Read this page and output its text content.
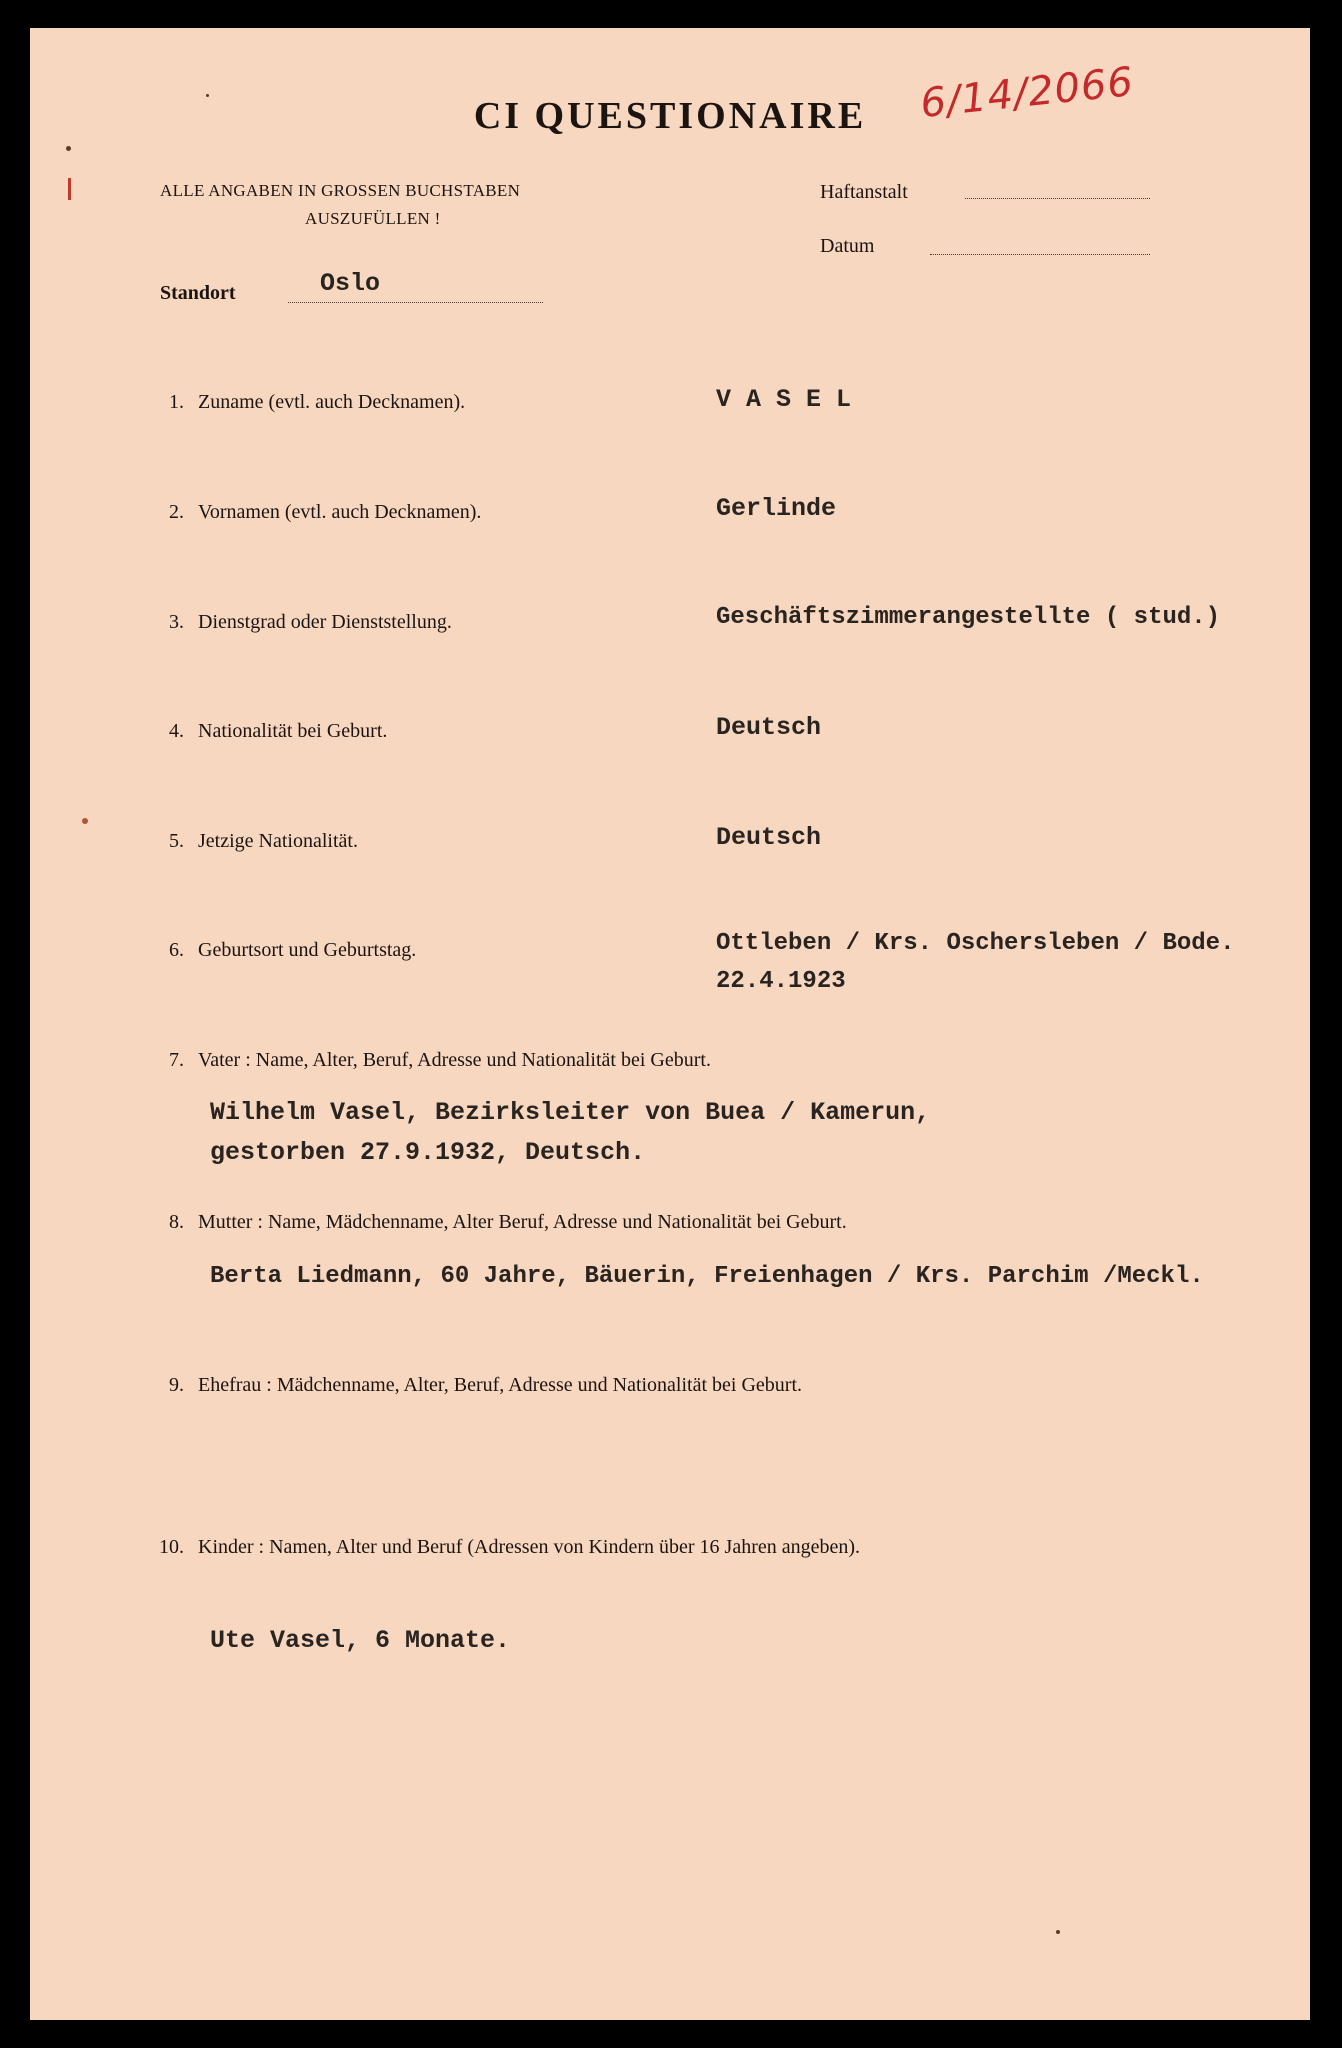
CI QUESTIONAIRE	6/14/2066
ALLE ANGABEN IN GROSSEN BUCHSTABEN
AUSZUFÜLLEN !
Haftanstalt
Datum
Standort	Oslo
1. Zuname (evtl. auch Decknamen).	V A S E L
2. Vornamen (evtl. auch Decknamen).	Gerlinde
3. Dienstgrad oder Dienststellung.	Geschäftszimmerangestellte ( stud.)
4. Nationalität bei Geburt.	Deutsch
5. Jetzige Nationalität.	Deutsch
6. Geburtsort und Geburtstag.	Ottleben / Krs. Oschersleben / Bode.
22.4.1923
7. Vater : Name, Alter, Beruf, Adresse und Nationalität bei Geburt.
Wilhelm Vasel, Bezirksleiter von Buea / Kamerun,
gestorben 27.9.1932, Deutsch.
8. Mutter : Name, Mädchenname, Alter Beruf, Adresse und Nationalität bei Geburt.
Berta Liedmann, 60 Jahre, Bäuerin, Freienhagen / Krs. Parchim /Meckl.
9. Ehefrau : Mädchenname, Alter, Beruf, Adresse und Nationalität bei Geburt.
10. Kinder : Namen, Alter und Beruf (Adressen von Kindern über 16 Jahren angeben).
Ute Vasel, 6 Monate.
